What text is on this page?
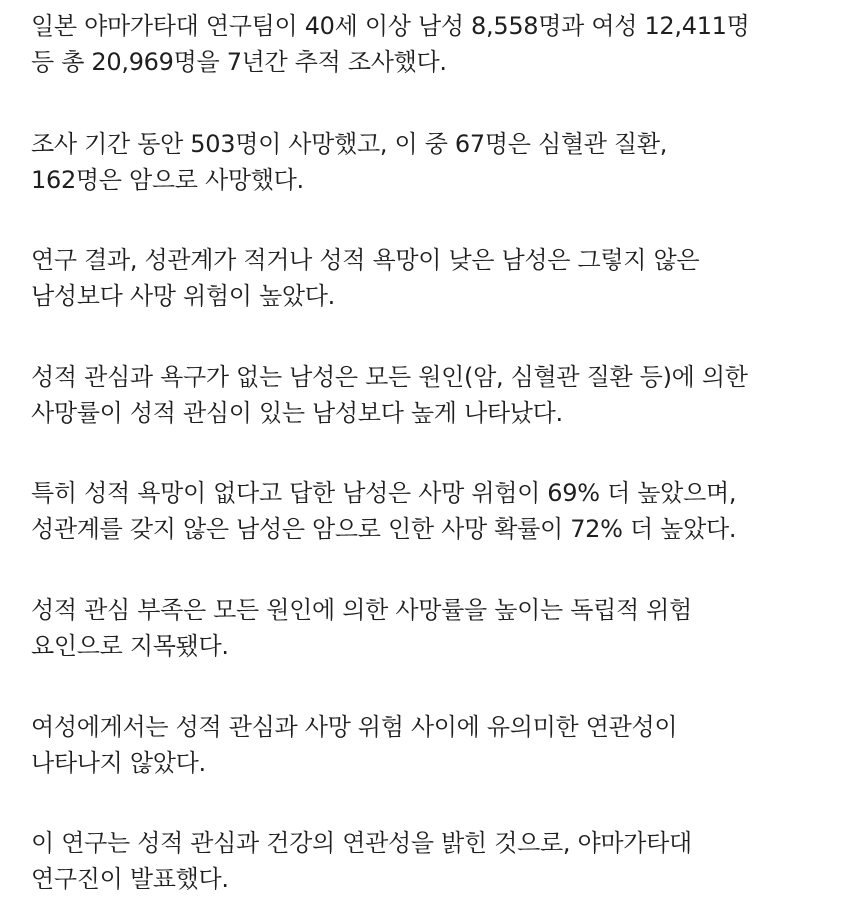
일본 야마가타대 연구팀이 40세 이상 남성 8,558명과 여성 12,411명
등 총 20,969명을 7년간 추적 조사했다.

조사 기간 동안 503명이 사망했고, 이 중 67명은 심혈관 질환,
162명은 암으로 사망했다.

연구 결과, 성관계가 적거나 성적 욕망이 낮은 남성은 그렇지 않은
남성보다 사망 위험이 높았다.

성적 관심과 욕구가 없는 남성은 모든 원인(암, 심혈관 질환 등)에 의한
사망률이 성적 관심이 있는 남성보다 높게 나타났다.

특히 성적 욕망이 없다고 답한 남성은 사망 위험이 69% 더 높았으며,
성관계를 갖지 않은 남성은 암으로 인한 사망 확률이 72% 더 높았다.

성적 관심 부족은 모든 원인에 의한 사망률을 높이는 독립적 위험
요인으로 지목됐다.

여성에게서는 성적 관심과 사망 위험 사이에 유의미한 연관성이
나타나지 않았다.

이 연구는 성적 관심과 건강의 연관성을 밝힌 것으로, 야마가타대
연구진이 발표했다.
